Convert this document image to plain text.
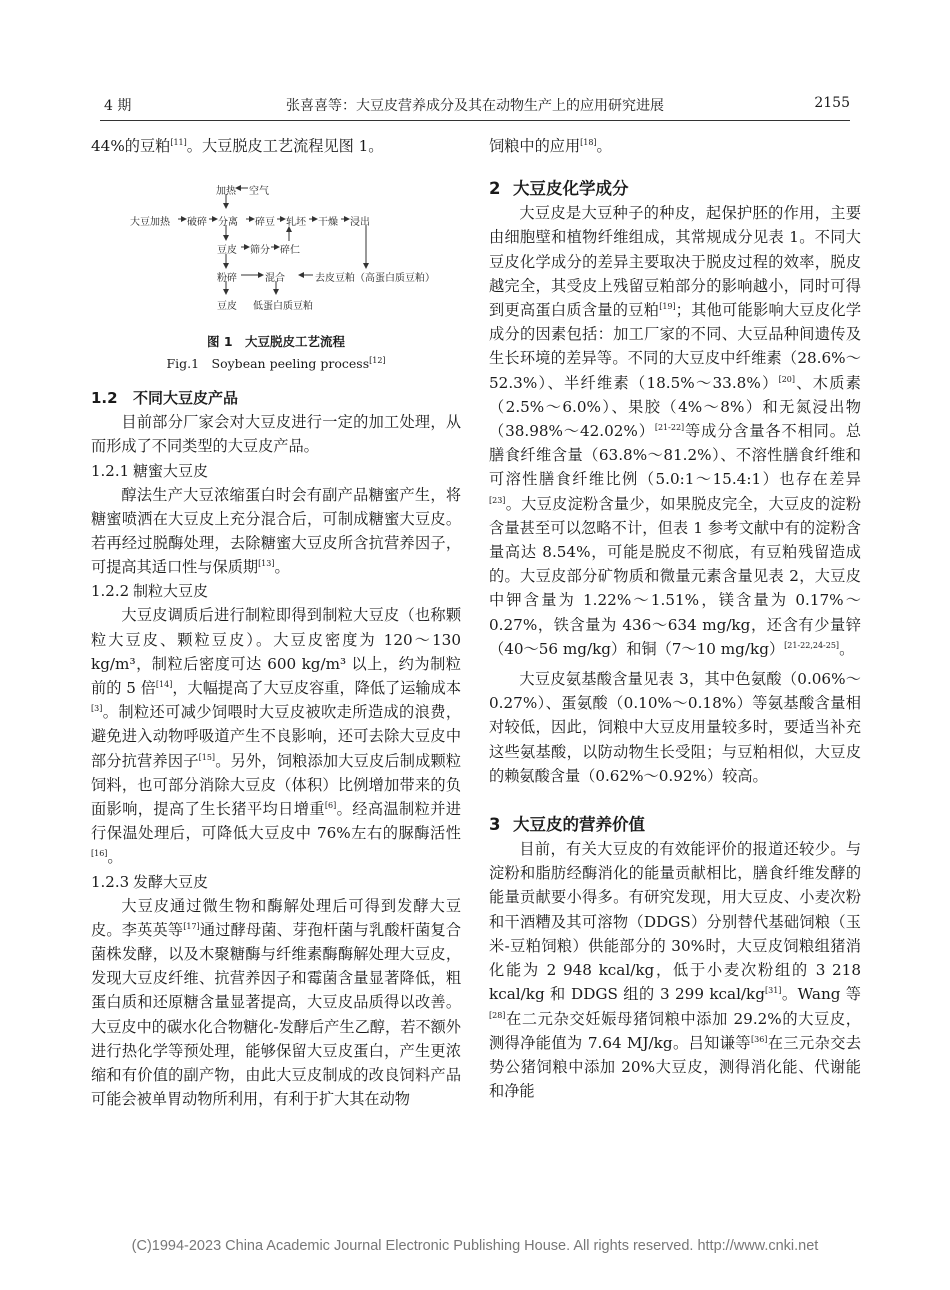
4 期	张喜喜等：大豆皮营养成分及其在动物生产上的应用研究进展	2155

44%的豆粕[11]。大豆脱皮工艺流程见图 1。

加热 空气
大豆加热 破碎 分离 碎豆 轧坯 干燥 浸出
豆皮 筛分 碎仁
粉碎	混合	去皮豆粕（高蛋白质豆粕）
豆皮 低蛋白质豆粕

图 1　大豆脱皮工艺流程

Fig.1　Soybean peeling process[12]

1.2 不同大豆皮产品

目前部分厂家会对大豆皮进行一定的加工处理，从而形成了不同类型的大豆皮产品。

1.2.1 糖蜜大豆皮

醇法生产大豆浓缩蛋白时会有副产品糖蜜产生，将糖蜜喷洒在大豆皮上充分混合后，可制成糖蜜大豆皮。若再经过脱酶处理，去除糖蜜大豆皮所含抗营养因子，可提高其适口性与保质期[13]。

1.2.2 制粒大豆皮

大豆皮调质后进行制粒即得到制粒大豆皮（也称颗粒大豆皮、颗粒豆皮）。大豆皮密度为 120～130 kg/m³，制粒后密度可达 600 kg/m³ 以上，约为制粒前的 5 倍[14]，大幅提高了大豆皮容重，降低了运输成本[3]。制粒还可减少饲喂时大豆皮被吹走所造成的浪费，避免进入动物呼吸道产生不良影响，还可去除大豆皮中部分抗营养因子[15]。另外，饲粮添加大豆皮后制成颗粒饲料，也可部分消除大豆皮（体积）比例增加带来的负面影响，提高了生长猪平均日增重[6]。经高温制粒并进行保温处理后，可降低大豆皮中 76%左右的脲酶活性[16]。

1.2.3 发酵大豆皮

大豆皮通过微生物和酶解处理后可得到发酵大豆皮。李英英等[17]通过酵母菌、芽孢杆菌与乳酸杆菌复合菌株发酵，以及木聚糖酶与纤维素酶酶解处理大豆皮，发现大豆皮纤维、抗营养因子和霉菌含量显著降低，粗蛋白质和还原糖含量显著提高，大豆皮品质得以改善。大豆皮中的碳水化合物糖化-发酵后产生乙醇，若不额外进行热化学等预处理，能够保留大豆皮蛋白，产生更浓缩和有价值的副产物，由此大豆皮制成的改良饲料产品可能会被单胃动物所利用，有利于扩大其在动物

饲粮中的应用[18]。

2 大豆皮化学成分

大豆皮是大豆种子的种皮，起保护胚的作用，主要由细胞壁和植物纤维组成，其常规成分见表 1。不同大豆皮化学成分的差异主要取决于脱皮过程的效率，脱皮越完全，其受皮上残留豆粕部分的影响越小，同时可得到更高蛋白质含量的豆粕[19]；其他可能影响大豆皮化学成分的因素包括：加工厂家的不同、大豆品种间遗传及生长环境的差异等。不同的大豆皮中纤维素（28.6%～52.3%）、半纤维素（18.5%～33.8%）[20]、木质素（2.5%～6.0%）、果胶（4%～8%）和无氮浸出物（38.98%～42.02%）[21-22]等成分含量各不相同。总膳食纤维含量（63.8%～81.2%）、不溶性膳食纤维和可溶性膳食纤维比例（5.0:1～15.4:1）也存在差异[23]。大豆皮淀粉含量少，如果脱皮完全，大豆皮的淀粉含量甚至可以忽略不计，但表 1 参考文献中有的淀粉含量高达 8.54%，可能是脱皮不彻底，有豆粕残留造成的。大豆皮部分矿物质和微量元素含量见表 2，大豆皮中钾含量为 1.22%～1.51%，镁含量为 0.17%～0.27%，铁含量为 436～634 mg/kg，还含有少量锌（40～56 mg/kg）和铜（7～10 mg/kg）[21-22,24-25]。

大豆皮氨基酸含量见表 3，其中色氨酸（0.06%～0.27%）、蛋氨酸（0.10%～0.18%）等氨基酸含量相对较低，因此，饲粮中大豆皮用量较多时，要适当补充这些氨基酸，以防动物生长受阻；与豆粕相似，大豆皮的赖氨酸含量（0.62%～0.92%）较高。

3 大豆皮的营养价值

目前，有关大豆皮的有效能评价的报道还较少。与淀粉和脂肪经酶消化的能量贡献相比，膳食纤维发酵的能量贡献要小得多。有研究发现，用大豆皮、小麦次粉和干酒糟及其可溶物（DDGS）分别替代基础饲粮（玉米-豆粕饲粮）供能部分的 30%时，大豆皮饲粮组猪消化能为 2 948 kcal/kg，低于小麦次粉组的 3 218 kcal/kg 和 DDGS 组的 3 299 kcal/kg[31]。Wang 等[28]在二元杂交妊娠母猪饲粮中添加 29.2%的大豆皮，测得净能值为 7.64 MJ/kg。吕知谦等[36]在三元杂交去势公猪饲粮中添加 20%大豆皮，测得消化能、代谢能和净能

(C)1994-2023 China Academic Journal Electronic Publishing House. All rights reserved. http://www.cnki.net
